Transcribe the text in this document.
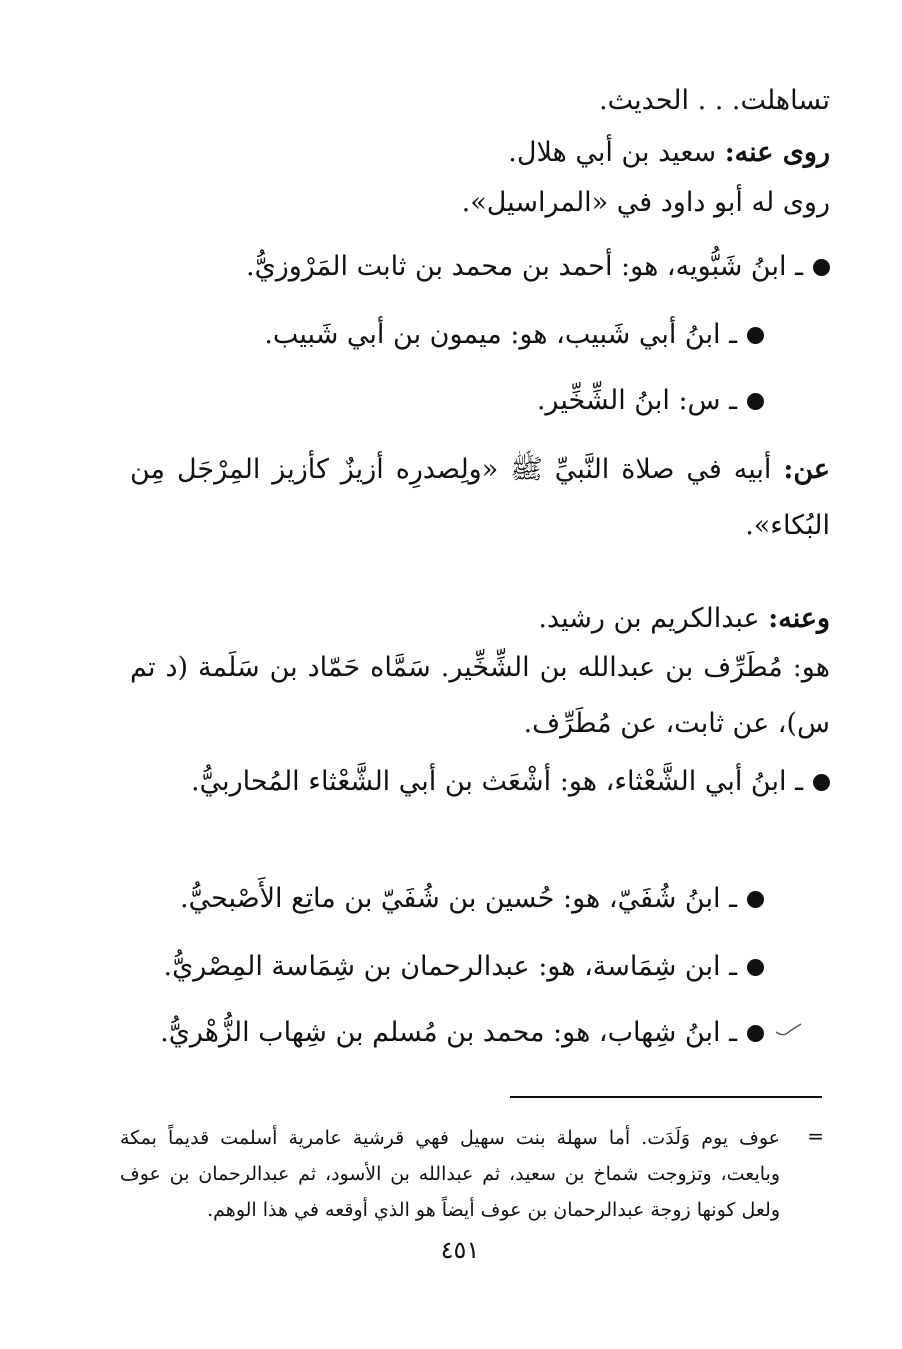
تساهلت. . . الحديث.
روى عنه: سعيد بن أبي هلال.
روى له أبو داود في «المراسيل».
ـ ابنُ شَبُّويه، هو: أحمد بن محمد بن ثابت المَرْوزيُّ.
ـ ابنُ أبي شَبيب، هو: ميمون بن أبي شَبيب.
ـ س: ابنُ الشِّخِّير.
عن: أبيه في صلاة النَّبيِّ ﷺ «ولِصدرِه أزيزٌ كأزيز المِرْجَل مِن البُكاء».
وعنه: عبدالكريم بن رشيد.
هو: مُطَرِّف بن عبدالله بن الشِّخِّير. سَمَّاه حَمّاد بن سَلَمة (د تم س)، عن ثابت، عن مُطَرِّف.
ـ ابنُ أبي الشَّعْثاء، هو: أشْعَث بن أبي الشَّعْثاء المُحاربيُّ.
ـ ابنُ شُفَيّ، هو: حُسين بن شُفَيّ بن ماتِع الأَصْبحيُّ.
ـ ابن شِمَاسة، هو: عبدالرحمان بن شِمَاسة المِصْريُّ.
ـ ابنُ شِهاب، هو: محمد بن مُسلم بن شِهاب الزُّهْريُّ.
=
عوف يوم وَلَدَت. أما سهلة بنت سهيل فهي قرشية عامرية أسلمت قديماً بمكة وبايعت، وتزوجت شماخ بن سعيد، ثم عبدالله بن الأسود، ثم عبدالرحمان بن عوف ولعل كونها زوجة عبدالرحمان بن عوف أيضاً هو الذي أوقعه في هذا الوهم.
٤٥١
